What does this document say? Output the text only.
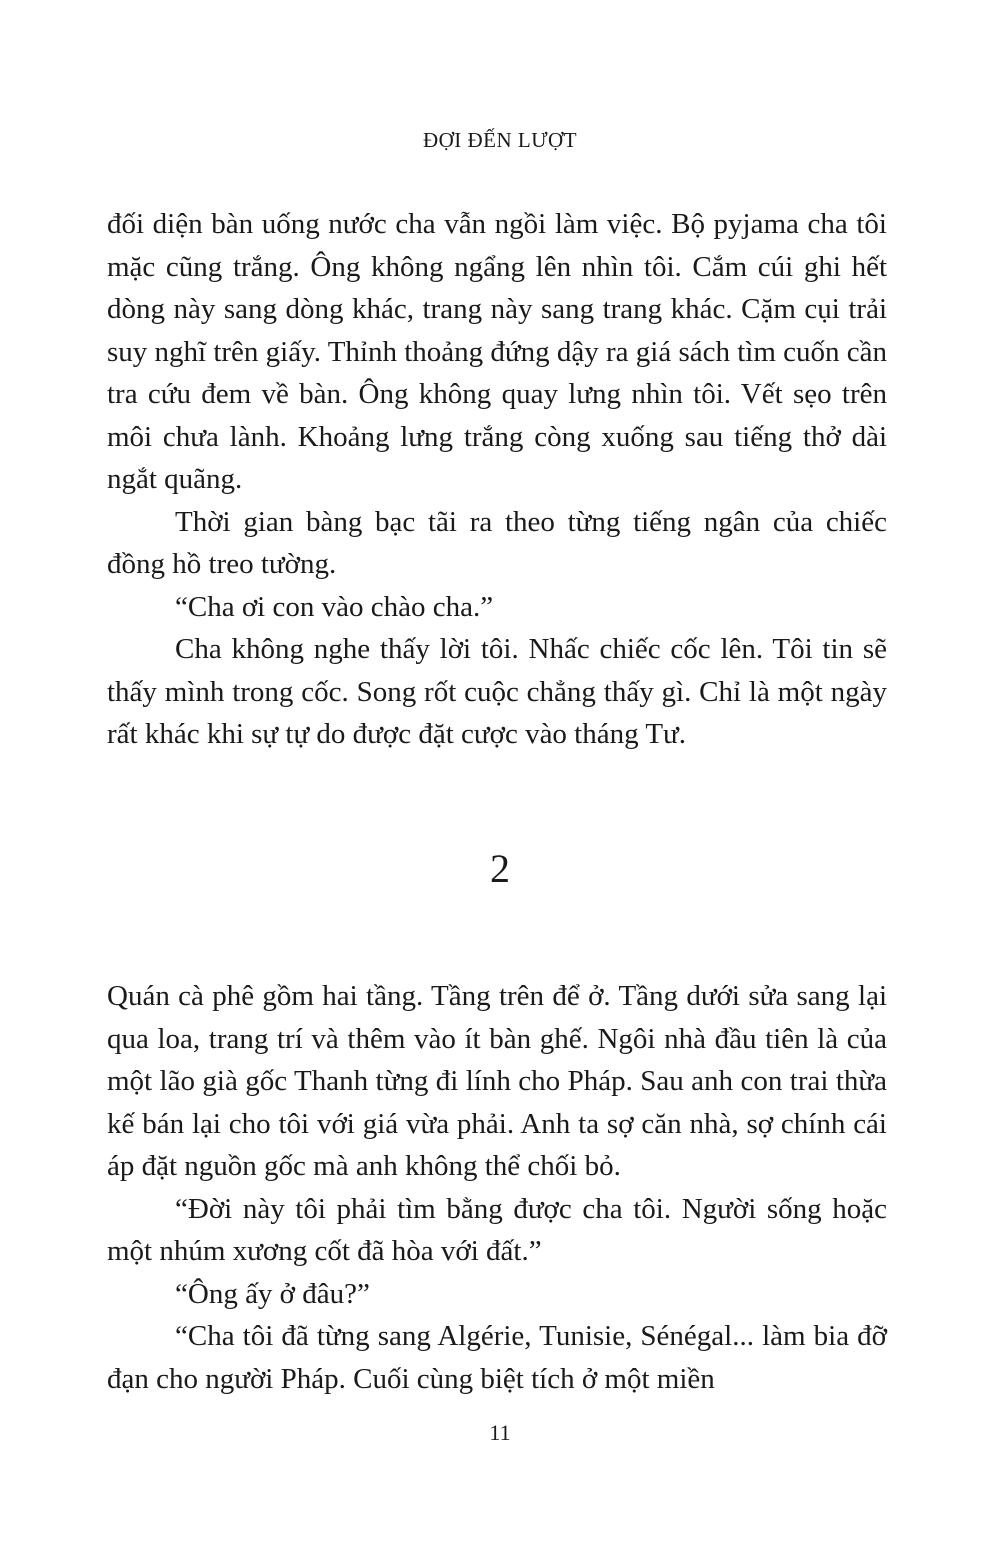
ĐỢI ĐẾN LƯỢT

đối diện bàn uống nước cha vẫn ngồi làm việc. Bộ pyjama cha tôi mặc cũng trắng. Ông không ngẩng lên nhìn tôi. Cắm cúi ghi hết dòng này sang dòng khác, trang này sang trang khác. Cặm cụi trải suy nghĩ trên giấy. Thỉnh thoảng đứng dậy ra giá sách tìm cuốn cần tra cứu đem về bàn. Ông không quay lưng nhìn tôi. Vết sẹo trên môi chưa lành. Khoảng lưng trắng còng xuống sau tiếng thở dài ngắt quãng.

Thời gian bàng bạc tãi ra theo từng tiếng ngân của chiếc đồng hồ treo tường.

“Cha ơi con vào chào cha.”

Cha không nghe thấy lời tôi. Nhấc chiếc cốc lên. Tôi tin sẽ thấy mình trong cốc. Song rốt cuộc chẳng thấy gì. Chỉ là một ngày rất khác khi sự tự do được đặt cược vào tháng Tư.

2

Quán cà phê gồm hai tầng. Tầng trên để ở. Tầng dưới sửa sang lại qua loa, trang trí và thêm vào ít bàn ghế. Ngôi nhà đầu tiên là của một lão già gốc Thanh từng đi lính cho Pháp. Sau anh con trai thừa kế bán lại cho tôi với giá vừa phải. Anh ta sợ căn nhà, sợ chính cái áp đặt nguồn gốc mà anh không thể chối bỏ.

“Đời này tôi phải tìm bằng được cha tôi. Người sống hoặc một nhúm xương cốt đã hòa với đất.”

“Ông ấy ở đâu?”

“Cha tôi đã từng sang Algérie, Tunisie, Sénégal... làm bia đỡ đạn cho người Pháp. Cuối cùng biệt tích ở một miền

11
